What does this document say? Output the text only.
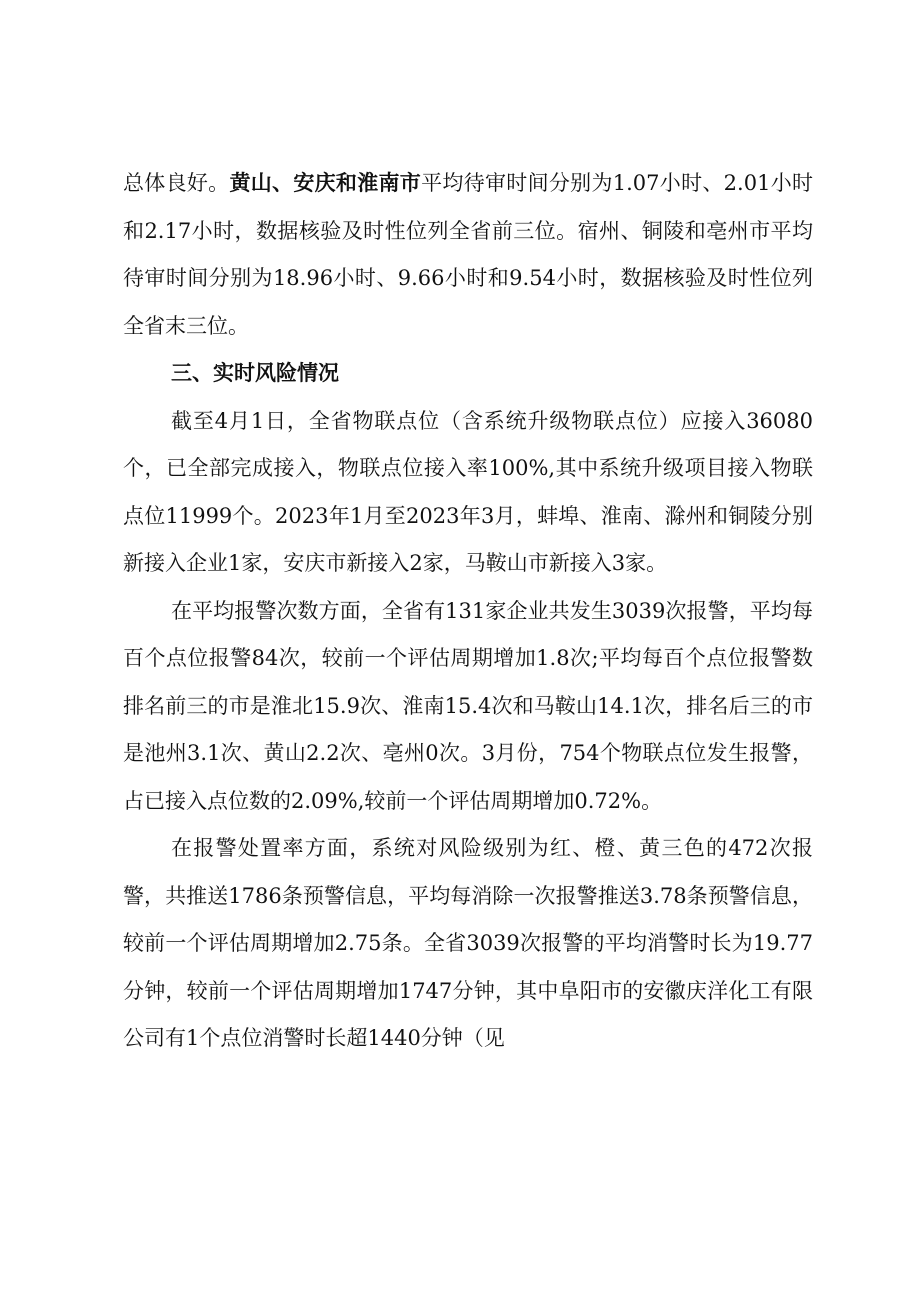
总体良好。黄山、安庆和淮南市平均待审时间分别为1.07小时、2.01小时和2.17小时，数据核验及时性位列全省前三位。宿州、铜陵和亳州市平均待审时间分别为18.96小时、9.66小时和9.54小时，数据核验及时性位列全省末三位。

三、实时风险情况

截至4月1日，全省物联点位（含系统升级物联点位）应接入36080个，已全部完成接入，物联点位接入率100%,其中系统升级项目接入物联点位11999个。2023年1月至2023年3月，蚌埠、淮南、滁州和铜陵分别新接入企业1家，安庆市新接入2家，马鞍山市新接入3家。

在平均报警次数方面，全省有131家企业共发生3039次报警，平均每百个点位报警84次，较前一个评估周期增加1.8次;平均每百个点位报警数排名前三的市是淮北15.9次、淮南15.4次和马鞍山14.1次，排名后三的市是池州3.1次、黄山2.2次、亳州0次。3月份，754个物联点位发生报警，占已接入点位数的2.09%,较前一个评估周期增加0.72%。

在报警处置率方面，系统对风险级别为红、橙、黄三色的472次报警，共推送1786条预警信息，平均每消除一次报警推送3.78条预警信息，较前一个评估周期增加2.75条。全省3039次报警的平均消警时长为19.77分钟，较前一个评估周期增加1747分钟，其中阜阳市的安徽庆洋化工有限公司有1个点位消警时长超1440分钟（见
